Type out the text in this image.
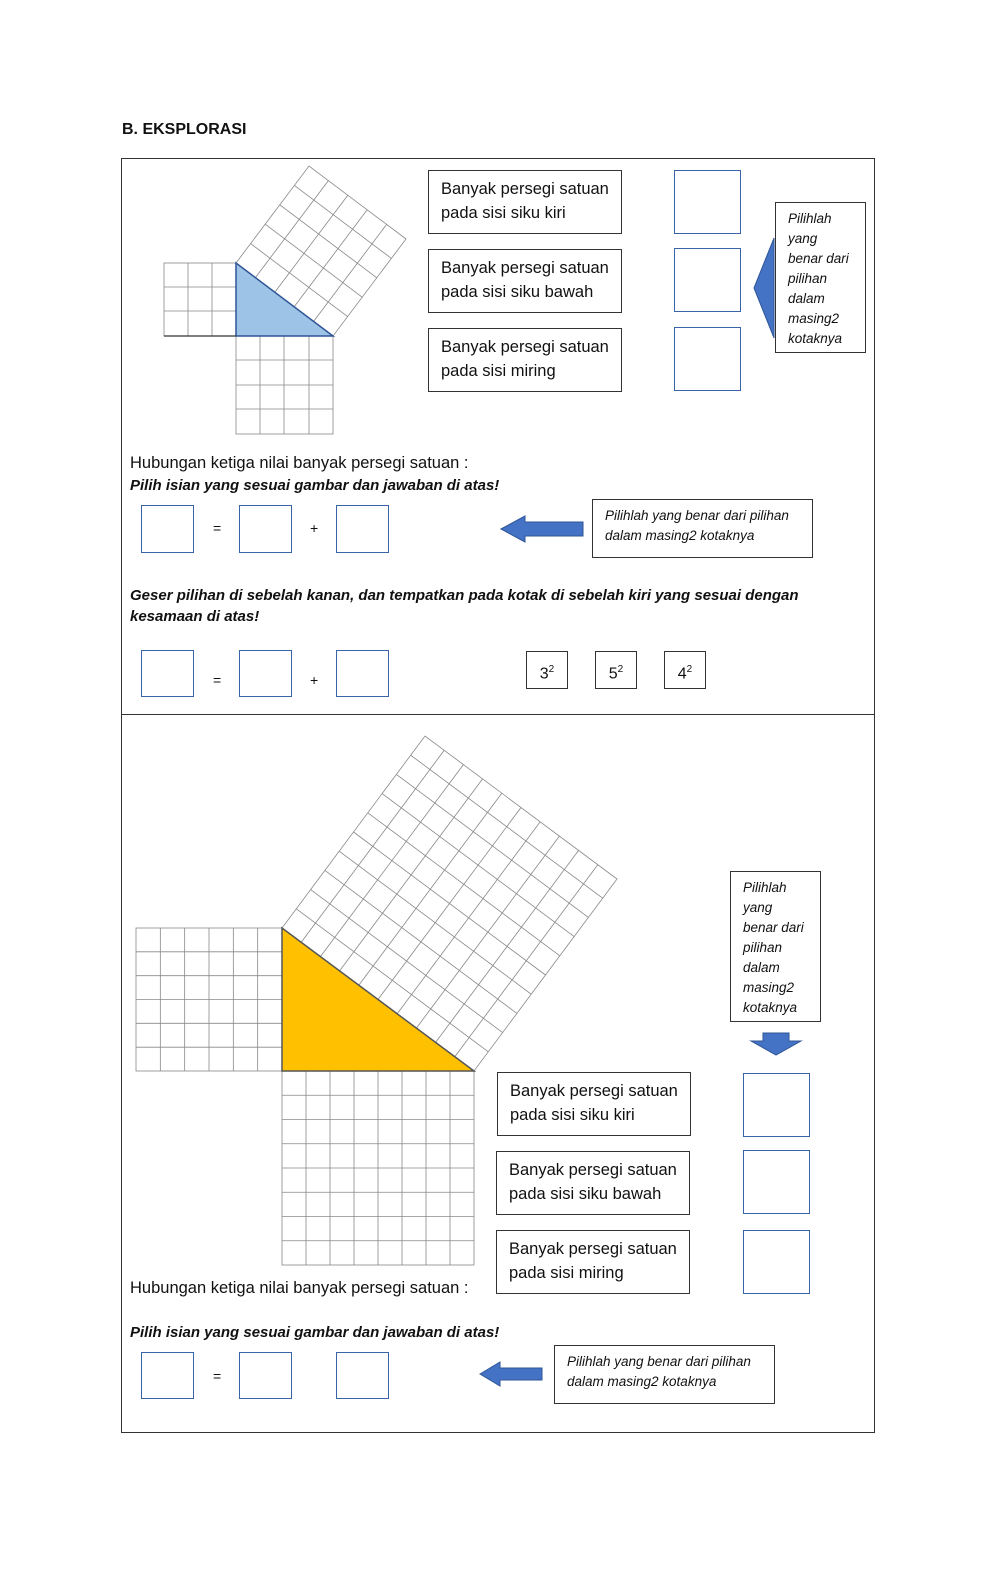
B. EKSPLORASI
Banyak persegi satuan pada sisi siku kiri
Banyak persegi satuan pada sisi siku bawah
Banyak persegi satuan pada sisi miring
Pilihlah yang benar dari pilihan dalam masing2 kotaknya
Hubungan ketiga nilai banyak persegi satuan :
Pilih isian yang sesuai gambar dan jawaban di atas!
=	+
Pilihlah yang benar dari pilihan dalam masing2 kotaknya
Geser pilihan di sebelah kanan, dan tempatkan pada kotak di sebelah kiri yang sesuai dengan kesamaan di atas!
=	+	$3^2$	$5^2$	$4^2$
Pilihlah yang benar dari pilihan dalam masing2 kotaknya
Banyak persegi satuan pada sisi siku kiri
Banyak persegi satuan pada sisi siku bawah
Banyak persegi satuan pada sisi miring
Hubungan ketiga nilai banyak persegi satuan :
Pilih isian yang sesuai gambar dan jawaban di atas!
=
Pilihlah yang benar dari pilihan dalam masing2 kotaknya
